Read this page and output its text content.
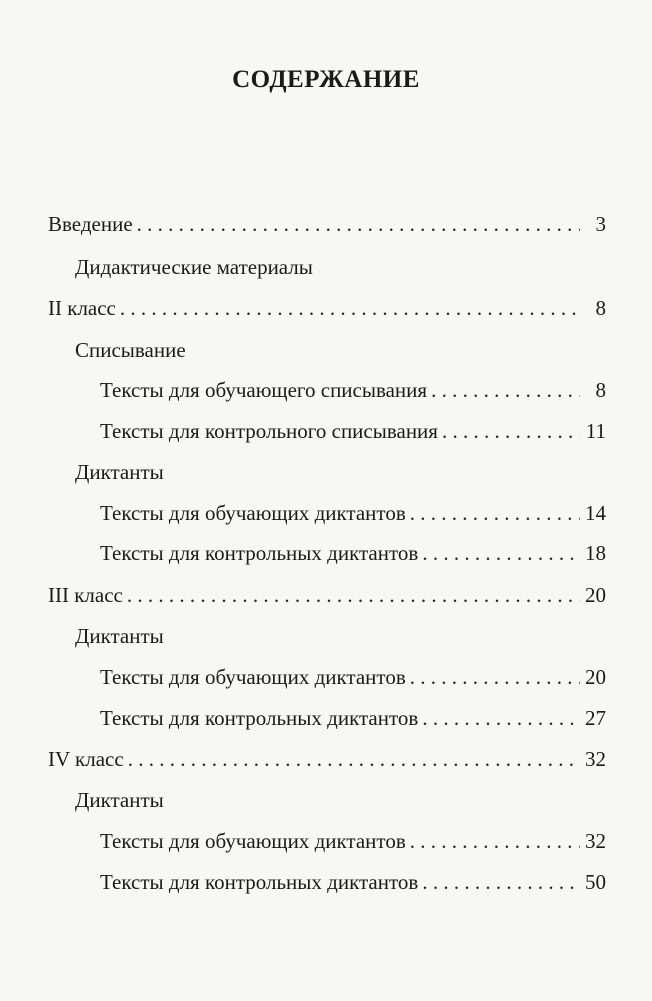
СОДЕРЖАНИЕ
Введение . . .	3
Дидактические материалы
II класс . . .	8
Списывание
Тексты для обучающего списывания . . .	8
Тексты для контрольного списывания . . .	11
Диктанты
Тексты для обучающих диктантов . . .	14
Тексты для контрольных диктантов . . .	18
III класс . . .	20
Диктанты
Тексты для обучающих диктантов . . .	20
Тексты для контрольных диктантов . . .	27
IV класс . . .	32
Диктанты
Тексты для обучающих диктантов . . .	32
Тексты для контрольных диктантов . . .	50
